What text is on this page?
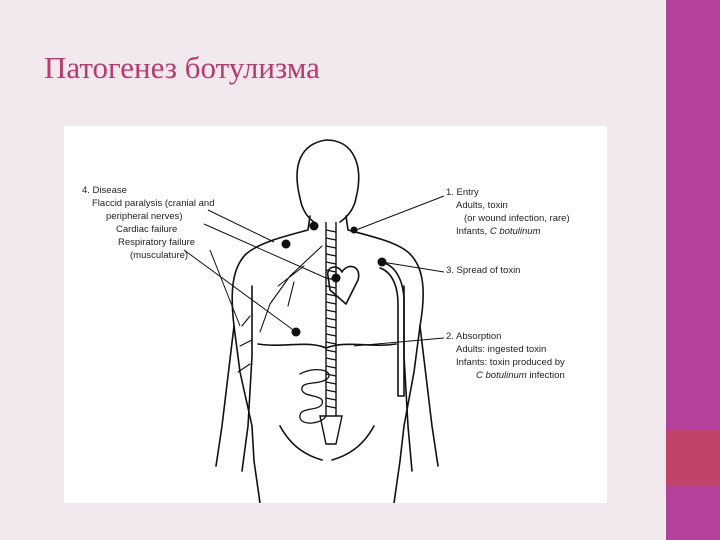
Патогенез ботулизма
4. Disease
Flaccid paralysis (cranial and
peripheral nerves)
Cardiac failure
Respiratory failure
(musculature)
1. Entry
Adults, toxin
(or wound infection, rare)
Infants, C botulinum
3. Spread of toxin
2. Absorption
Adults: ingested toxin
Infants: toxin produced by
C botulinum infection
